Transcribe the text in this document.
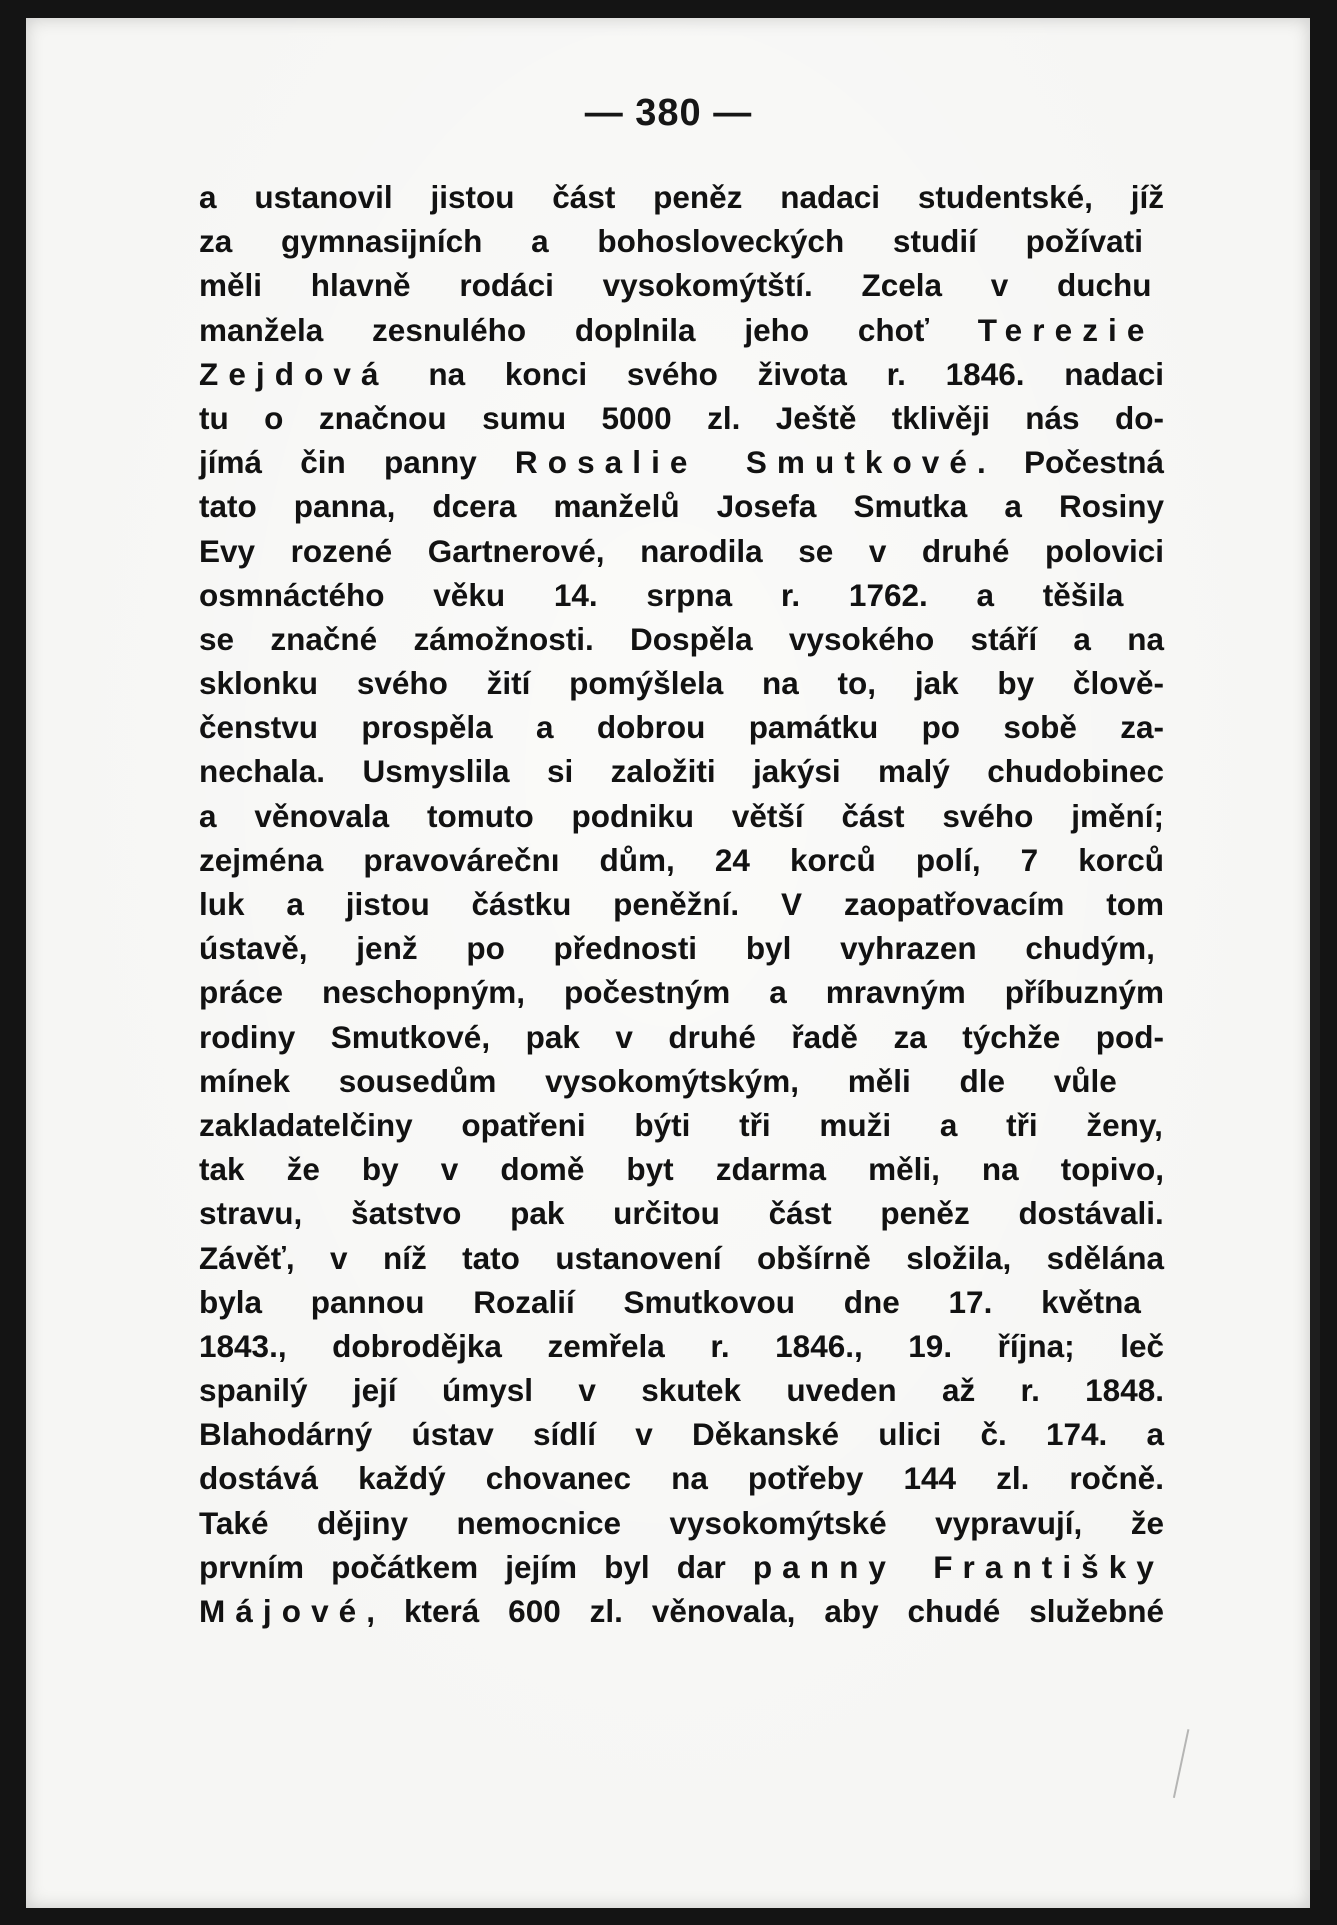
— 380 —
a ustanovil jistou část peněz nadaci studentské, jíž
za gymnasijních a bohosloveckých studií požívati
měli hlavně rodáci vysokomýtští. Zcela v duchu
manžela zesnulého doplnila jeho choť Terezie
Zejdová na konci svého života r. 1846. nadaci
tu o značnou sumu 5000 zl. Ještě tklivěji nás do-
jímá čin panny Rosalie Smutkové. Počestná
tato panna, dcera manželů Josefa Smutka a Rosiny
Evy rozené Gartnerové, narodila se v druhé polovici
osmnáctého věku 14. srpna r. 1762. a těšila
se značné zámožnosti. Dospěla vysokého stáří a na
sklonku svého žití pomýšlela na to, jak by člově-
čenstvu prospěla a dobrou památku po sobě za-
nechala. Usmyslila si založiti jakýsi malý chudobinec
a věnovala tomuto podniku větší část svého jmění;
zejména pravovárečnı dům, 24 korců polí, 7 korců
luk a jistou částku peněžní. V zaopatřovacím tom
ústavě, jenž po přednosti byl vyhrazen chudým,
práce neschopným, počestným a mravným příbuzným
rodiny Smutkové, pak v druhé řadě za týchže pod-
mínek sousedům vysokomýtským, měli dle vůle
zakladatelčiny opatřeni býti tři muži a tři ženy,
tak že by v domě byt zdarma měli, na topivo,
stravu, šatstvo pak určitou část peněz dostávali.
Závěť, v níž tato ustanovení obšírně složila, sdělána
byla pannou Rozalií Smutkovou dne 17. května
1843., dobrodějka zemřela r. 1846., 19. října; leč
spanilý její úmysl v skutek uveden až r. 1848.
Blahodárný ústav sídlí v Děkanské ulici č. 174. a
dostává každý chovanec na potřeby 144 zl. ročně.
Také dějiny nemocnice vysokomýtské vypravují, že
prvním počátkem jejím byl dar panny Františky
Májové, která 600 zl. věnovala, aby chudé služebné
